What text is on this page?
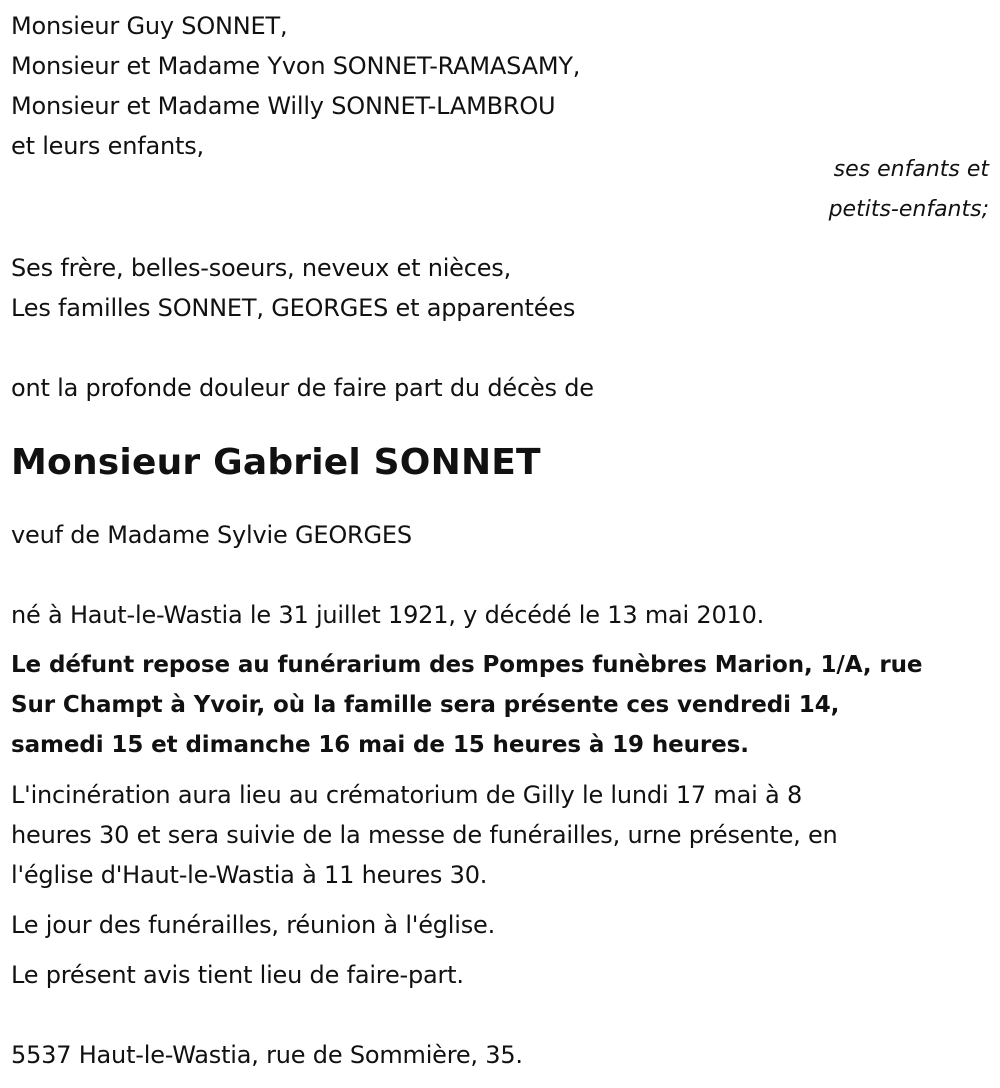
Monsieur Guy SONNET,
Monsieur et Madame Yvon SONNET-RAMASAMY,
Monsieur et Madame Willy SONNET-LAMBROU
et leurs enfants,
ses enfants et
petits-enfants;
Ses frère, belles-soeurs, neveux et nièces,
Les familles SONNET, GEORGES et apparentées
ont la profonde douleur de faire part du décès de
Monsieur Gabriel SONNET
veuf de Madame Sylvie GEORGES
né à Haut-le-Wastia le 31 juillet 1921, y décédé le 13 mai 2010.
Le défunt repose au funérarium des Pompes funèbres Marion, 1/A, rue
Sur Champt à Yvoir, où la famille sera présente ces vendredi 14,
samedi 15 et dimanche 16 mai de 15 heures à 19 heures.
L'incinération aura lieu au crématorium de Gilly le lundi 17 mai à 8
heures 30 et sera suivie de la messe de funérailles, urne présente, en
l'église d'Haut-le-Wastia à 11 heures 30.
Le jour des funérailles, réunion à l'église.
Le présent avis tient lieu de faire-part.
5537 Haut-le-Wastia, rue de Sommière, 35.
